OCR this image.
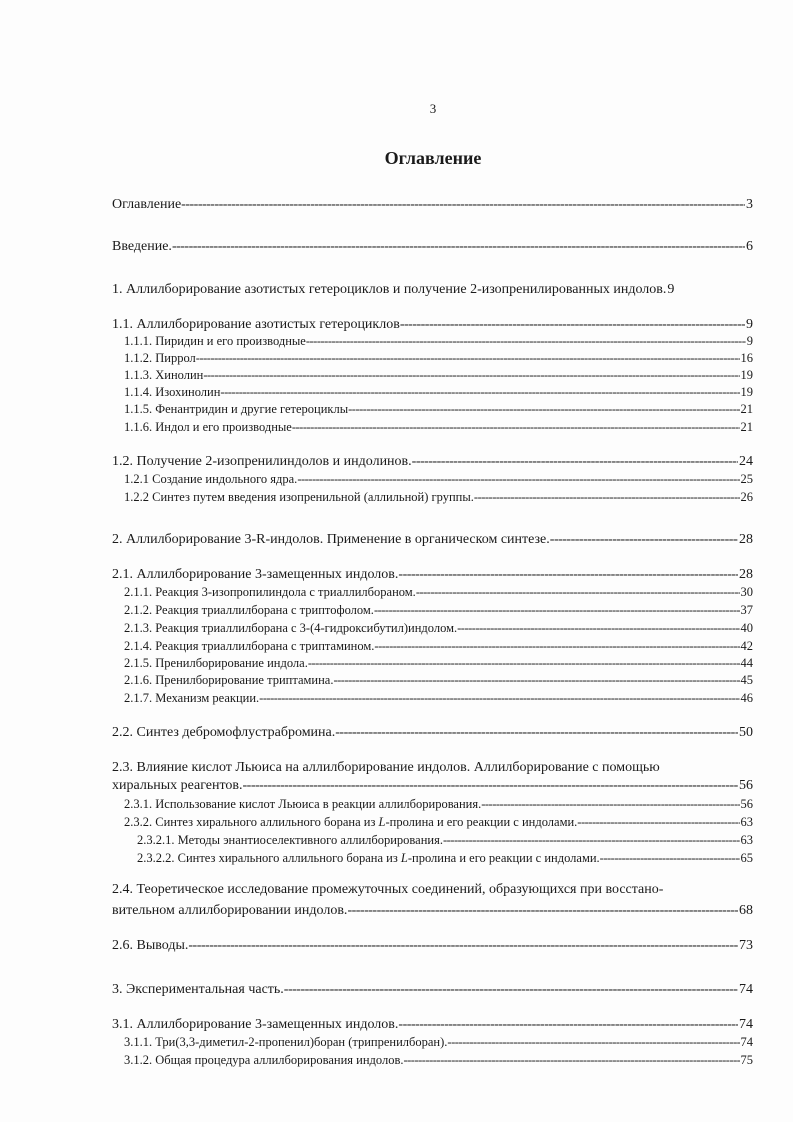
3
Оглавление
Оглавление -----	3
Введение. -----	6
1. Аллилборирование азотистых гетероциклов и получение 2-изопренилированных индолов. 9
1.1. Аллилборирование азотистых гетероциклов -----	9
1.1.1. Пиридин и его производные -----	9
1.1.2. Пиррол -----	16
1.1.3. Хинолин -----	19
1.1.4. Изохинолин -----	19
1.1.5. Фенантридин и другие гетероциклы -----	21
1.1.6. Индол и его производные -----	21
1.2. Получение 2-изопренилиндолов и индолинов. -----	24
1.2.1 Создание индольного ядра. -----	25
1.2.2 Синтез путем введения изопренильной (аллильной) группы. -----	26
2. Аллилборирование 3-R-индолов. Применение в органическом синтезе. -----	28
2.1. Аллилборирование 3-замещенных индолов. -----	28
2.1.1. Реакция 3-изопропилиндола с триаллилбораном. -----	30
2.1.2. Реакция триаллилборана с триптофолом. -----	37
2.1.3. Реакция триаллилборана с 3-(4-гидроксибутил)индолом. -----	40
2.1.4. Реакция триаллилборана с триптамином. -----	42
2.1.5. Пренилборирование индола. -----	44
2.1.6. Пренилборирование триптамина. -----	45
2.1.7. Механизм реакции. -----	46
2.2. Синтез дебромофлустрабромина. -----	50
2.3. Влияние кислот Льюиса на аллилборирование индолов. Аллилборирование с помощью
хиральных реагентов. -----	56
2.3.1. Использование кислот Льюиса в реакции аллилборирования. -----	56
2.3.2. Синтез хирального аллильного борана из L-пролина и его реакции с индолами. -----	63
2.3.2.1. Методы энантиоселективного аллилборирования. -----	63
2.3.2.2. Синтез хирального аллильного борана из L-пролина и его реакции с индолами. -----	65
2.4. Теоретическое исследование промежуточных соединений, образующихся при восстано-
вительном аллилборировании индолов. -----	68
2.6. Выводы. -----	73
3. Экспериментальная часть. -----	74
3.1. Аллилборирование 3-замещенных индолов. -----	74
3.1.1. Три(3,3-диметил-2-пропенил)боран (трипренилборан). -----	74
3.1.2. Общая процедура аллилборирования индолов. -----	75
